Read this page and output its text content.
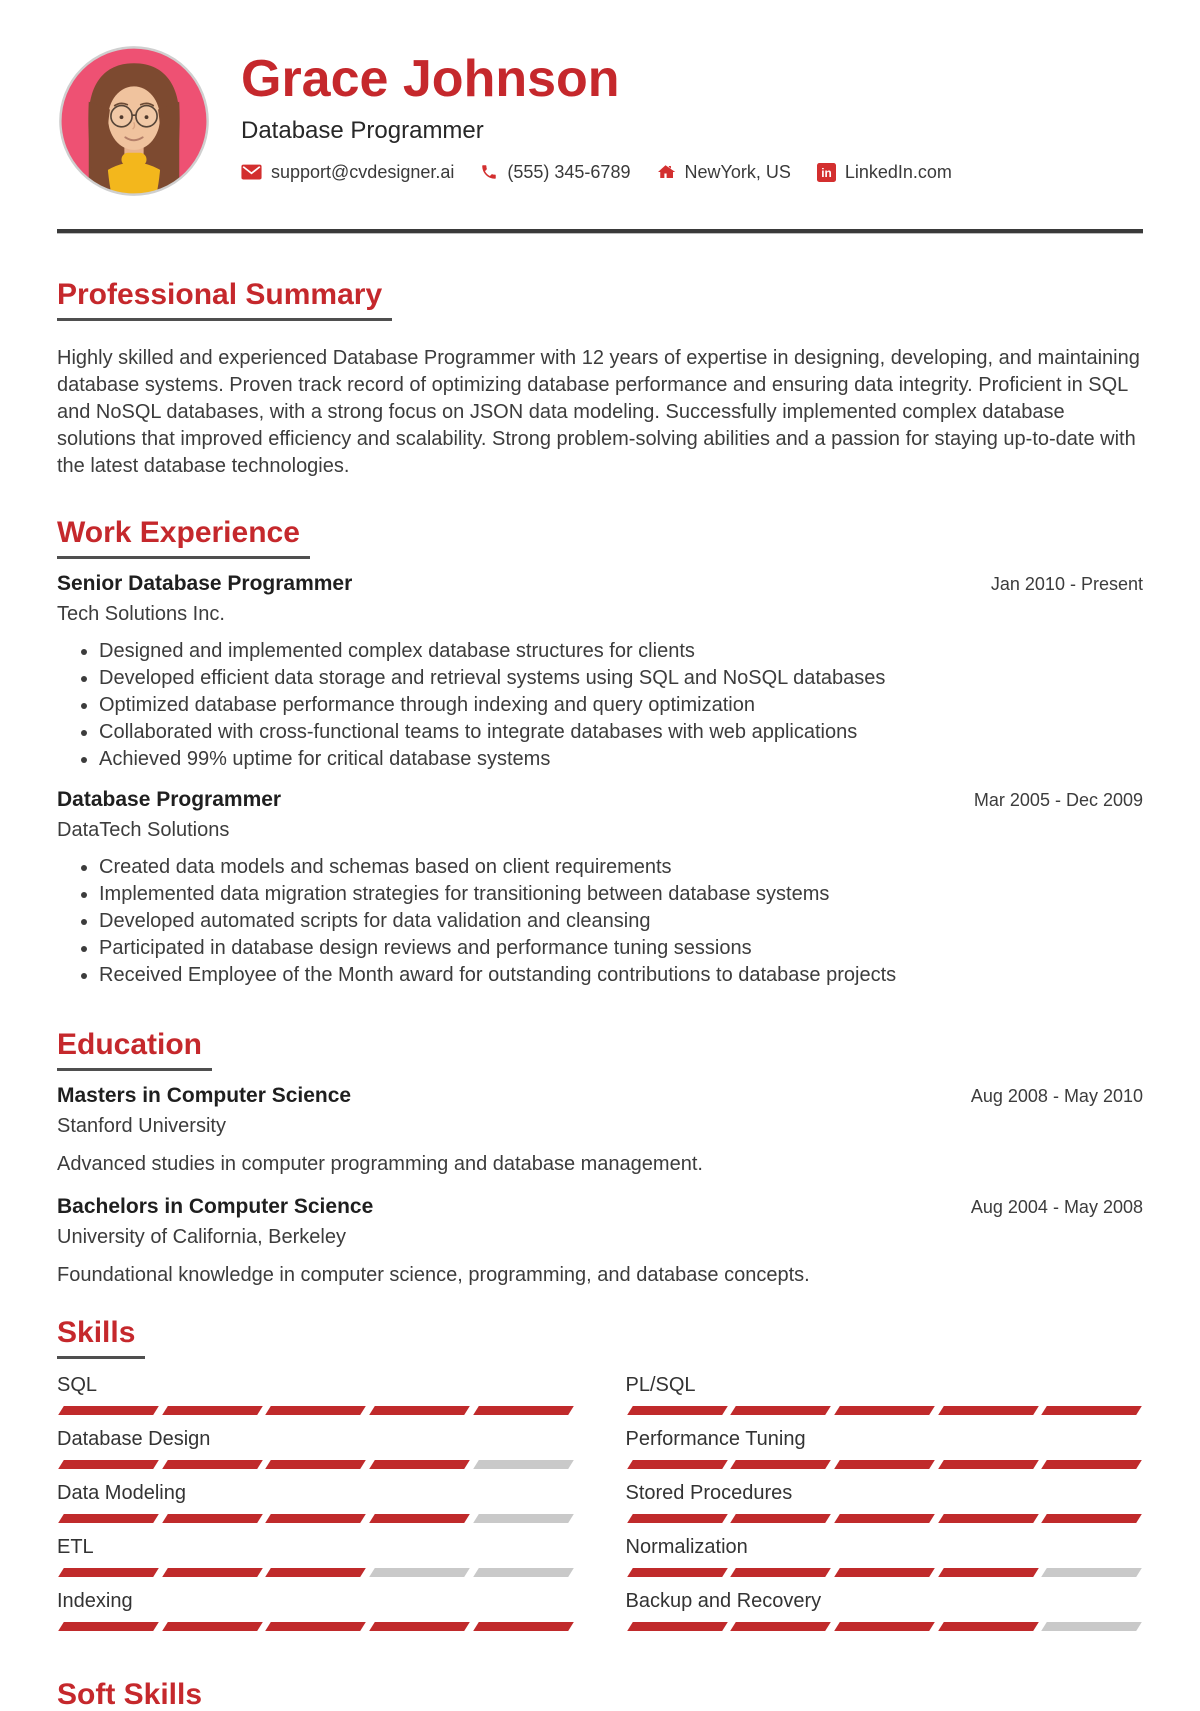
Grace Johnson
Database Programmer
support@cvdesigner.ai	(555) 345-6789	NewYork, US in LinkedIn.com
Professional Summary

Highly skilled and experienced Database Programmer with 12 years of expertise in designing, developing, and maintaining database systems. Proven track record of optimizing database performance and ensuring data integrity. Proficient in SQL and NoSQL databases, with a strong focus on JSON data modeling. Successfully implemented complex database solutions that improved efficiency and scalability. Strong problem-solving abilities and a passion for staying up-to-date with the latest database technologies.

Work Experience
Senior Database Programmer	Jan 2010 - Present
Tech Solutions Inc.
• Designed and implemented complex database structures for clients
• Developed efficient data storage and retrieval systems using SQL and NoSQL databases
• Optimized database performance through indexing and query optimization
• Collaborated with cross-functional teams to integrate databases with web applications
• Achieved 99% uptime for critical database systems
Database Programmer	Mar 2005 - Dec 2009
DataTech Solutions
• Created data models and schemas based on client requirements
• Implemented data migration strategies for transitioning between database systems
• Developed automated scripts for data validation and cleansing
• Participated in database design reviews and performance tuning sessions
• Received Employee of the Month award for outstanding contributions to database projects
Education
Masters in Computer Science	Aug 2008 - May 2010
Stanford University
Advanced studies in computer programming and database management.
Bachelors in Computer Science	Aug 2004 - May 2008
University of California, Berkeley
Foundational knowledge in computer science, programming, and database concepts.
Skills
SQL	PL/SQL
Database Design	Performance Tuning
Data Modeling	Stored Procedures
ETL	Normalization
Indexing	Backup and Recovery
Soft Skills
